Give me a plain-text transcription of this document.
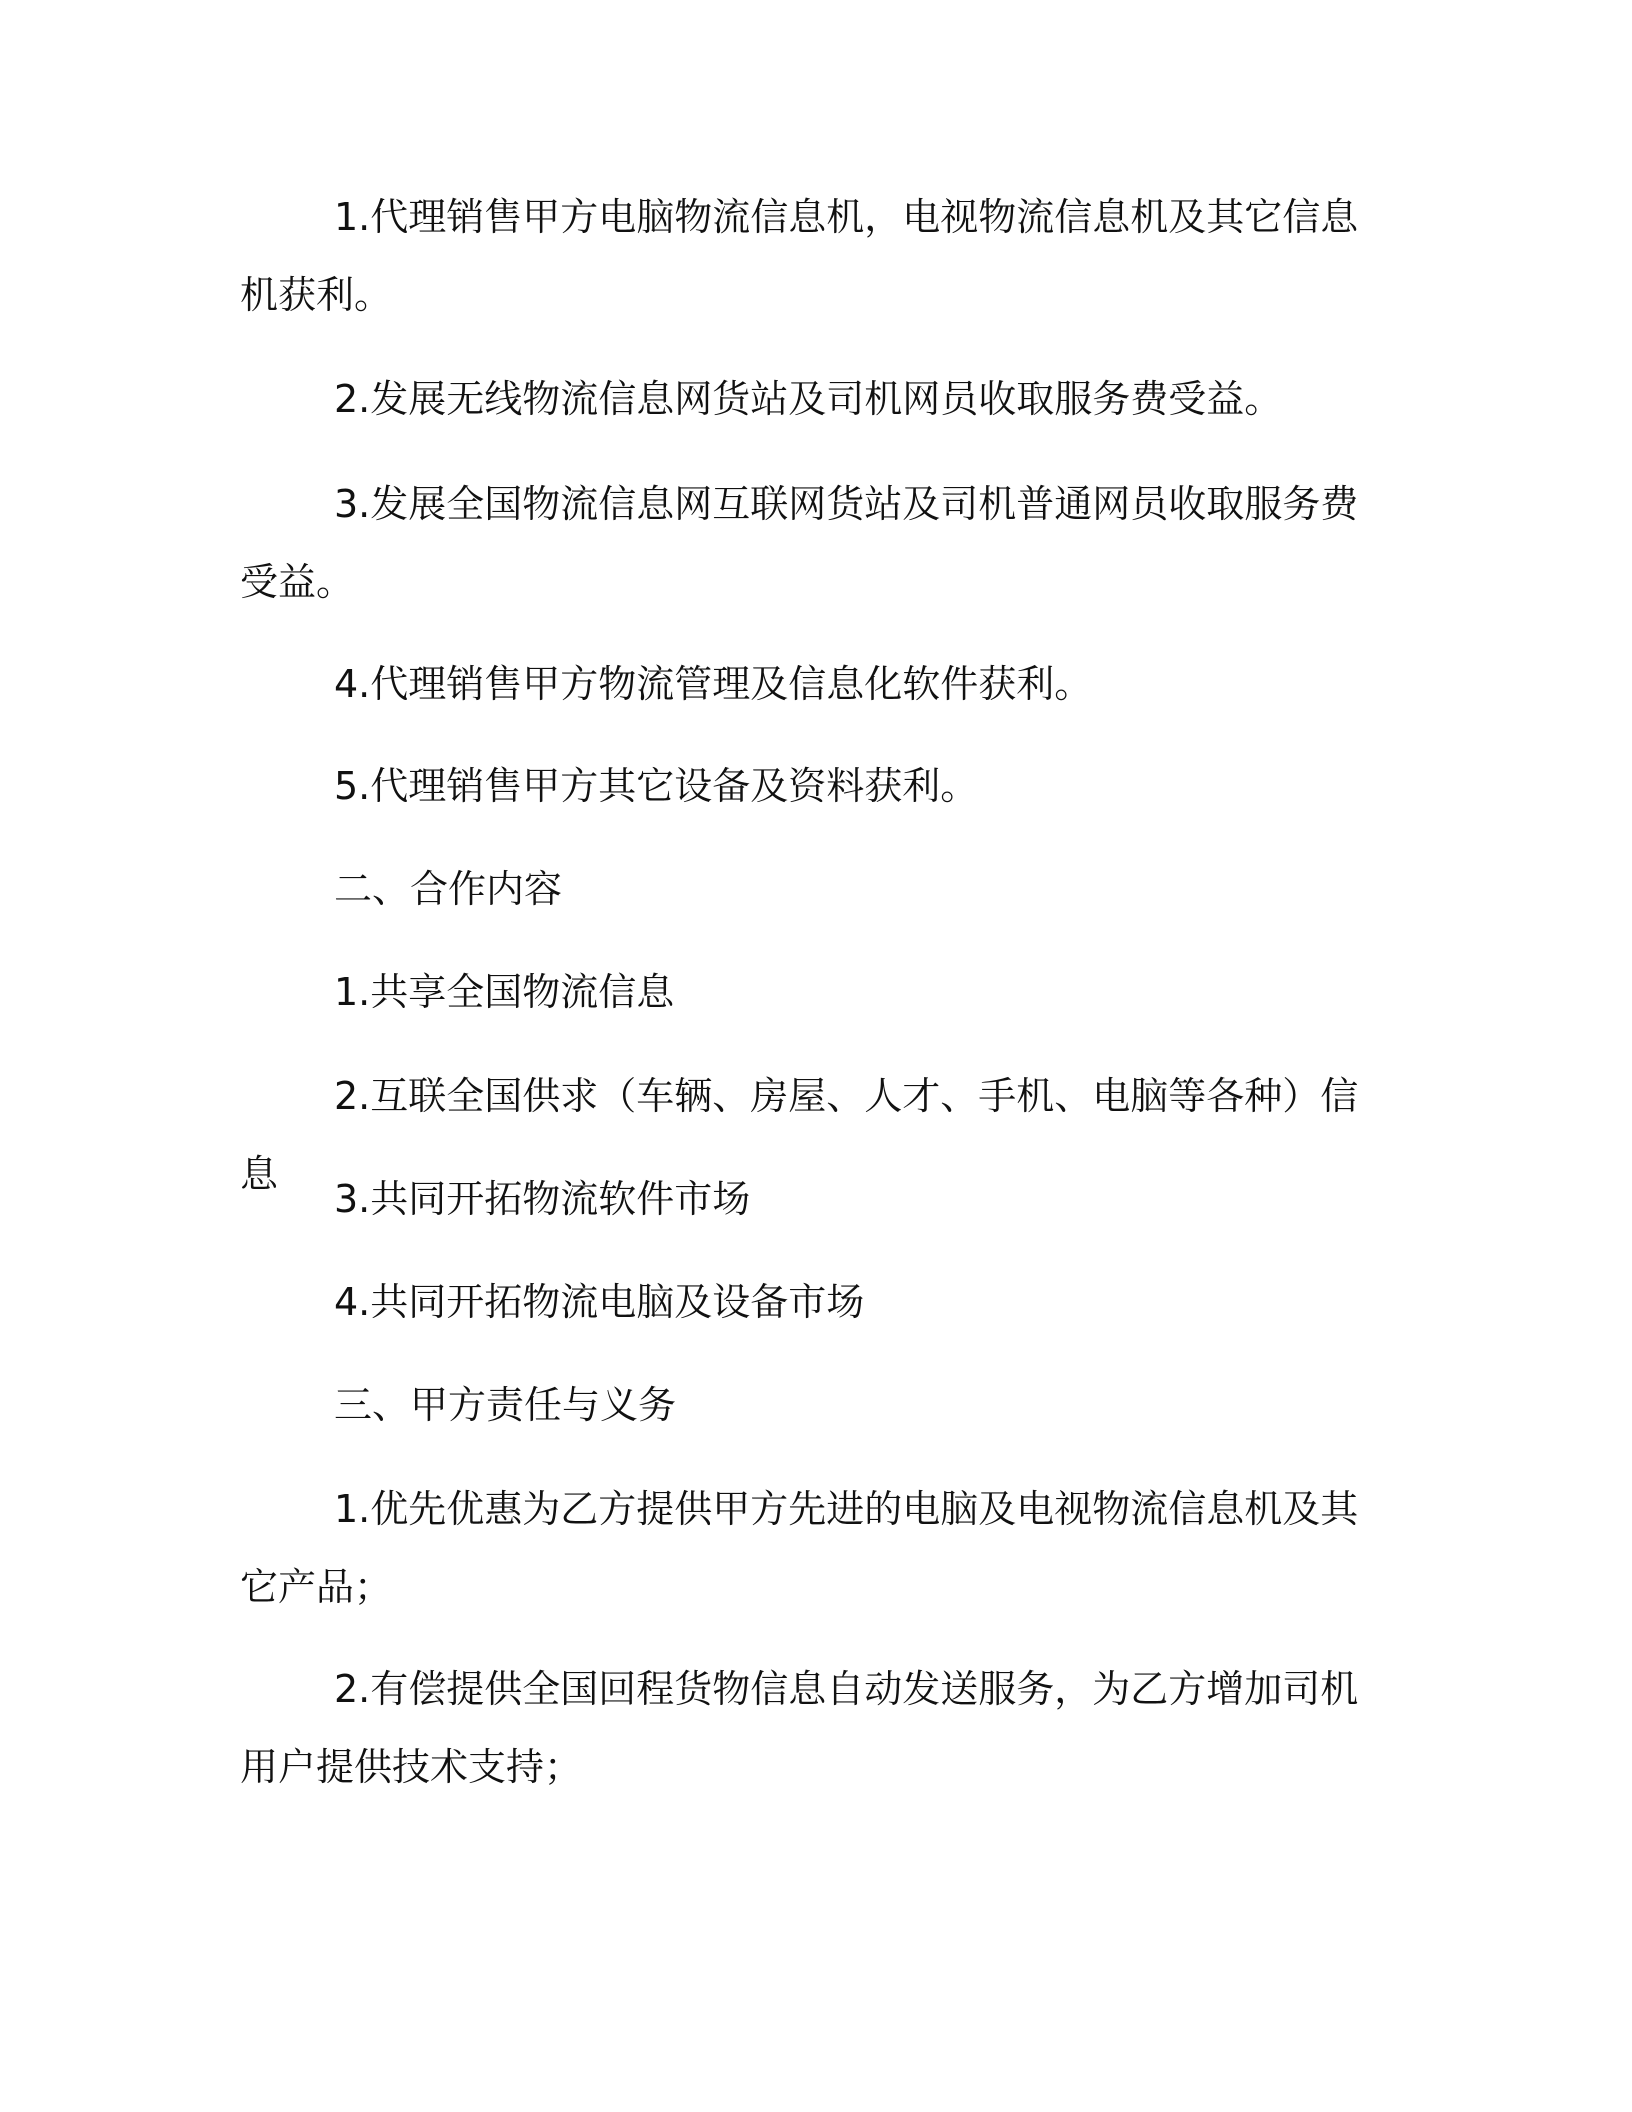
1.代理销售甲方电脑物流信息机，电视物流信息机及其它信息机获利。

2.发展无线物流信息网货站及司机网员收取服务费受益。

3.发展全国物流信息网互联网货站及司机普通网员收取服务费受益。

4.代理销售甲方物流管理及信息化软件获利。

5.代理销售甲方其它设备及资料获利。

二、合作内容

1.共享全国物流信息

2.互联全国供求（车辆、房屋、人才、手机、电脑等各种）信息

3.共同开拓物流软件市场

4.共同开拓物流电脑及设备市场

三、甲方责任与义务

1.优先优惠为乙方提供甲方先进的电脑及电视物流信息机及其它产品；

2.有偿提供全国回程货物信息自动发送服务，为乙方增加司机用户提供技术支持；
